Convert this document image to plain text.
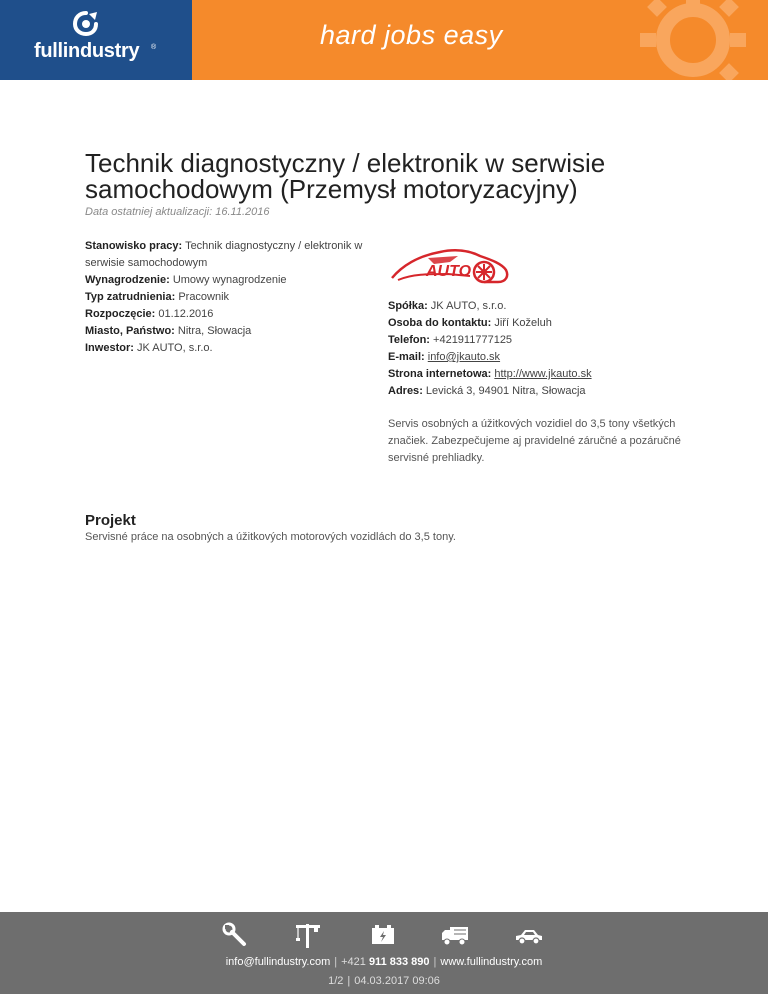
fullindustry ®	hard jobs easy
Technik diagnostyczny / elektronik w serwisie samochodowym (Przemysł motoryzacyjny)
Data ostatniej aktualizacji: 16.11.2016

Stanowisko pracy: Technik diagnostyczny / elektronik w serwisie samochodowym

Wynagrodzenie: Umowy wynagrodzenie

Typ zatrudnienia: Pracownik

Rozpoczęcie: 01.12.2016

Miasto, Państwo: Nitra, Słowacja

Inwestor: JK AUTO, s.r.o.

AUTO

Spółka: JK AUTO, s.r.o.

Osoba do kontaktu: Jiří Koželuh

Telefon: +421911777125

E-mail: info@jkauto.sk

Strona internetowa: http://www.jkauto.sk

Adres: Levická 3, 94901 Nitra, Słowacja

Servis osobných a úžitkových vozidiel do 3,5 tony všetkých značiek. Zabezpečujeme aj pravidelné záručné a pozáručné servisné prehliadky.
Projekt
Servisné práce na osobných a úžitkových motorových vozidlách do 3,5 tony.
info@fullindustry.com | +421 911 833 890 | www.fullindustry.com
1/2 | 04.03.2017 09:06
